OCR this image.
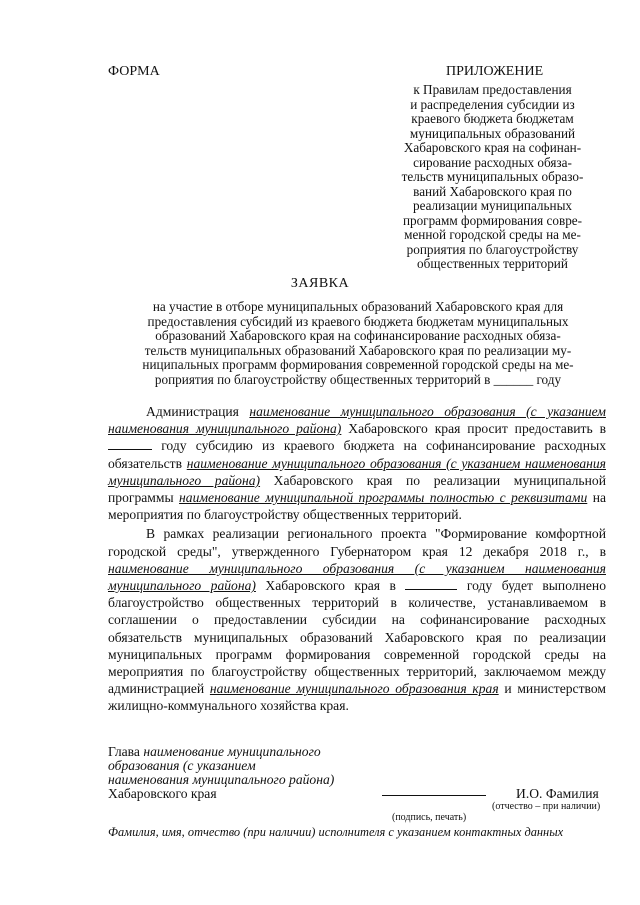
ФОРМА	ПРИЛОЖЕНИЕ
к Правилам предоставления
и распределения субсидии из
краевого бюджета бюджетам
муниципальных образований
Хабаровского края на софинан-
сирование расходных обяза-
тельств муниципальных образо-
ваний Хабаровского края по
реализации муниципальных
программ формирования совре-
менной городской среды на ме-
роприятия по благоустройству
общественных территорий
ЗАЯВКА
на участие в отборе муниципальных образований Хабаровского края для
предоставления субсидий из краевого бюджета бюджетам муниципальных
образований Хабаровского края на софинансирование расходных обяза-
тельств муниципальных образований Хабаровского края по реализации му-
ниципальных программ формирования современной городской среды на ме-
роприятия по благоустройству общественных территорий в ______ году

Администрация наименование муниципального образования (с указанием наименования муниципального района) Хабаровского края просит предоставить в  году субсидию из краевого бюджета на софинансирование расходных обязательств наименование муниципального образования (с указанием наименования муниципального района) Хабаровского края по реализации муниципальной программы наименование муниципальной программы полностью с реквизитами на мероприятия по благоустройству общественных территорий.

В рамках реализации регионального проекта "Формирование комфортной городской среды", утвержденного Губернатором края 12 декабря 2018 г., в наименование муниципального образования (с указанием наименования муниципального района) Хабаровского края в	году будет выполнено благоустройство общественных территорий в количестве, устанавливаемом в соглашении о предоставлении субсидии на софинансирование расходных обязательств муниципальных образований Хабаровского края по реализации муниципальных программ формирования современной городской среды на мероприятия по благоустройству общественных территорий, заключаемом между администрацией наименование муниципального образования края и министерством жилищно-коммунального хозяйства края.

Глава наименование муниципального
образования (с указанием
наименования муниципального района)
Хабаровского края	И.О. Фамилия
(отчество – при наличии)
(подпись, печать)
Фамилия, имя, отчество (при наличии) исполнителя с указанием контактных данных
